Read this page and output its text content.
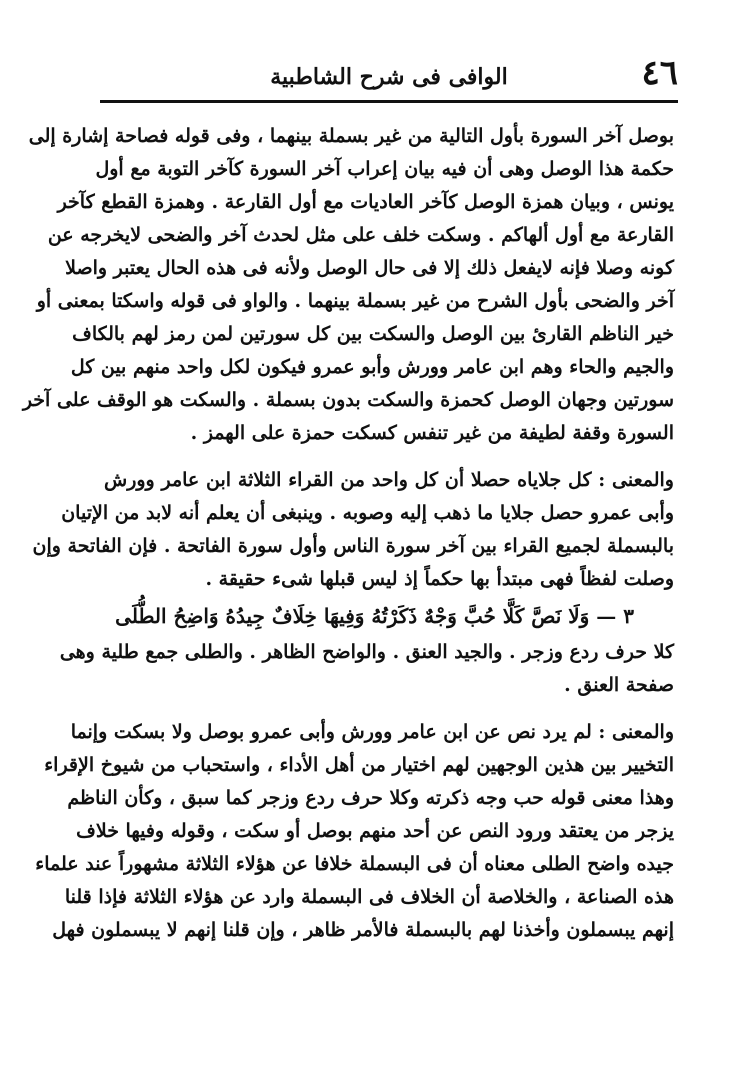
٤٦
الوافى فى شرح الشاطبية
بوصل آخر السورة بأول التالية من غير بسملة بينهما ، وفى قوله فصاحة إشارة إلى
حكمة هذا الوصل وهى أن فيه بيان إعراب آخر السورة كآخر التوبة مع أول
يونس ، وبيان همزة الوصل كآخر العاديات مع أول القارعة . وهمزة القطع كآخر
القارعة مع أول ألهاكم . وسكت خلف على مثل لحدث آخر والضحى لايخرجه عن
كونه وصلا فإنه لايفعل ذلك إلا فى حال الوصل ولأنه فى هذه الحال يعتبر واصلا
آخر والضحى بأول الشرح من غير بسملة بينهما . والواو فى قوله واسكتا بمعنى أو
خير الناظم القارئ بين الوصل والسكت بين كل سورتين لمن رمز لهم بالكاف
والجيم والحاء وهم ابن عامر وورش وأبو عمرو فيكون لكل واحد منهم بين كل
سورتين وجهان الوصل كحمزة والسكت بدون بسملة . والسكت هو الوقف على آخر
السورة وقفة لطيفة من غير تنفس كسكت حمزة على الهمز .
والمعنى : كل جلاياه حصلا أن كل واحد من القراء الثلاثة ابن عامر وورش
وأبى عمرو حصل جلايا ما ذهب إليه وصوبه . وينبغى أن يعلم أنه لابد من الإتيان
بالبسملة لجميع القراء بين آخر سورة الناس وأول سورة الفاتحة . فإن الفاتحة وإن
وصلت لفظاً فهى مبتدأ بها حكماً إذ ليس قبلها شىء حقيقة .
٣ — وَلَا نَصَّ كَلَّا حُبَّ وَجْهٌ ذَكَرْتُهُ وَفِيهَا خِلَافٌ جِيدُهُ وَاضِحُ الطُّلَى
كلا حرف ردع وزجر . والجيد العنق . والواضح الظاهر . والطلى جمع طلية وهى
صفحة العنق .
والمعنى : لم يرد نص عن ابن عامر وورش وأبى عمرو بوصل ولا بسكت وإنما
التخيير بين هذين الوجهين لهم اختيار من أهل الأداء ، واستحباب من شيوخ الإقراء
وهذا معنى قوله حب وجه ذكرته وكلا حرف ردع وزجر كما سبق ، وكأن الناظم
يزجر من يعتقد ورود النص عن أحد منهم بوصل أو سكت ، وقوله وفيها خلاف
جيده واضح الطلى معناه أن فى البسملة خلافا عن هؤلاء الثلاثة مشهوراً عند علماء
هذه الصناعة ، والخلاصة أن الخلاف فى البسملة وارد عن هؤلاء الثلاثة فإذا قلنا
إنهم يبسملون وأخذنا لهم بالبسملة فالأمر ظاهر ، وإن قلنا إنهم لا يبسملون فهل
